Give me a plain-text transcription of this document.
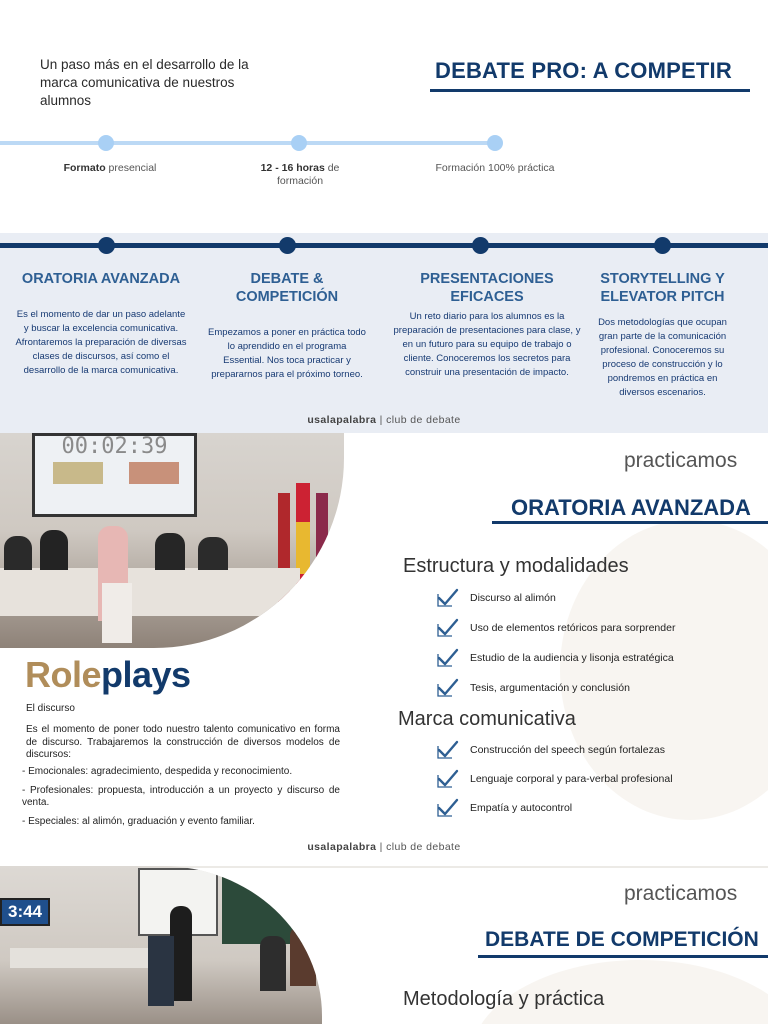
Un paso más en el desarrollo de la marca comunicativa de nuestros alumnos
DEBATE PRO: A COMPETIR
Formato presencial	12 - 16 horas de formación
Formación 100% práctica
ORATORIA AVANZADA
Es el momento de dar un paso adelante y buscar la excelencia comunicativa. Afrontaremos la preparación de diversas clases de discursos, así como el desarrollo de la marca comunicativa.
DEBATE & COMPETICIÓN
Empezamos a poner en práctica todo lo aprendido en el programa Essential. Nos toca practicar y prepararnos para el próximo torneo.
PRESENTACIONES EFICACES
Un reto diario para los alumnos es la preparación de presentaciones para clase, y en un futuro para su equipo de trabajo o cliente. Conoceremos los secretos para construir una presentación de impacto.
STORYTELLING Y ELEVATOR PITCH
Dos metodologías que ocupan gran parte de la comunicación profesional. Conoceremos su proceso de construcción y lo pondremos en práctica en diversos escenarios.
usalapalabra | club de debate
00:02:39
practicamos
ORATORIA AVANZADA
Estructura y modalidades
Discurso al alimón
Uso de elementos retóricos para sorprender
Estudio de la audiencia y lisonja estratégica
Tesis, argumentación y conclusión
Marca comunicativa
Construcción del speech según fortalezas
Lenguaje corporal y para-verbal profesional
Empatía y autocontrol
Roleplays
El discurso
Es el momento de poner todo nuestro talento comunicativo en forma de discurso. Trabajaremos la construcción de diversos modelos de discursos:
- Emocionales: agradecimiento, despedida y reconocimiento.
- Profesionales: propuesta, introducción a un proyecto y discurso de venta.
- Especiales: al alimón, graduación y evento familiar.
usalapalabra | club de debate
3:44
practicamos
DEBATE DE COMPETICIÓN
Metodología y práctica
